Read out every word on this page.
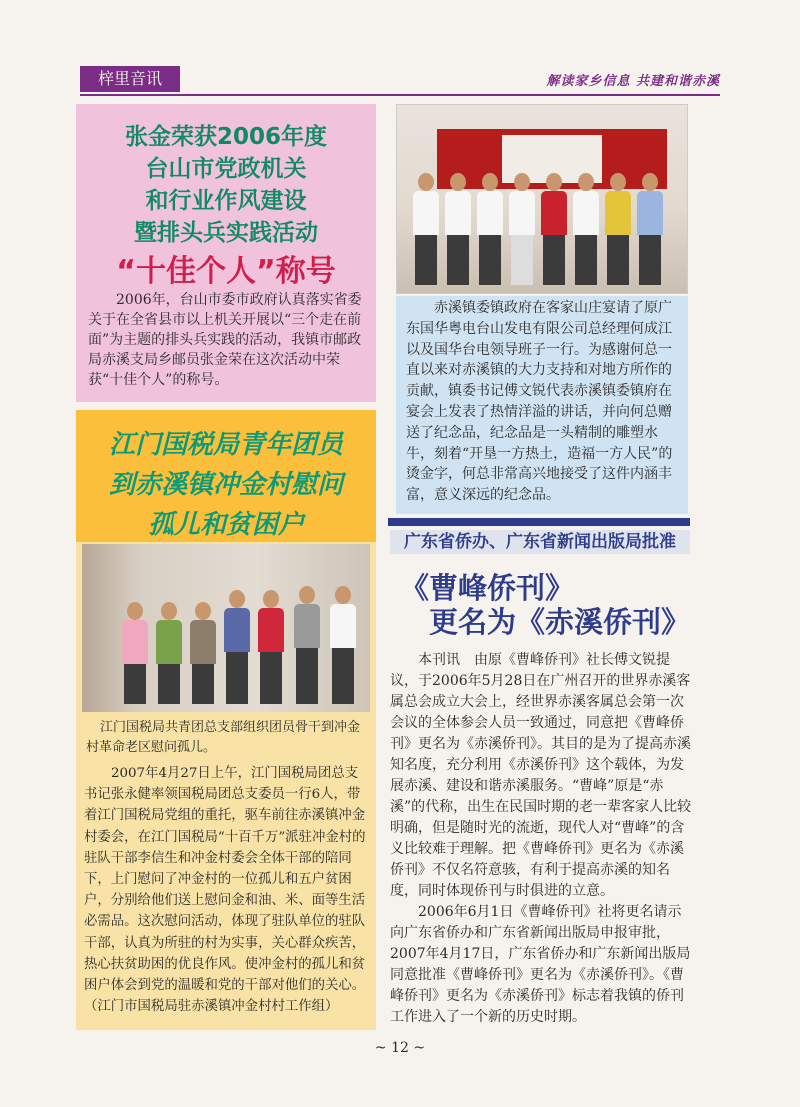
梓里音讯	解读家乡信息 共建和谐赤溪
张金荣获2006年度
台山市党政机关
和行业作风建设
暨排头兵实践活动
“十佳个人”称号
2006年，台山市委市政府认真落实省委关于在全省县市以上机关开展以“三个走在前面”为主题的排头兵实践的活动，我镇市邮政局赤溪支局乡邮员张金荣在这次活动中荣获“十佳个人”的称号。
赤溪镇委镇政府在客家山庄宴请了原广东国华粤电台山发电有限公司总经理何成江以及国华台电领导班子一行。为感谢何总一直以来对赤溪镇的大力支持和对地方所作的贡献，镇委书记傅文锐代表赤溪镇委镇府在宴会上发表了热情洋溢的讲话，并向何总赠送了纪念品，纪念品是一头精制的雕塑水牛，刻着“开垦一方热土，造福一方人民”的烫金字，何总非常高兴地接受了这件内涵丰富，意义深远的纪念品。
江门国税局青年团员
到赤溪镇冲金村慰问
孤儿和贫困户
江门国税局共青团总支部组织团员骨干到冲金村革命老区慰问孤儿。
2007年4月27日上午，江门国税局团总支书记张永健率领国税局团总支委员一行6人，带着江门国税局党组的重托，驱车前往赤溪镇冲金村委会，在江门国税局“十百千万”派驻冲金村的驻队干部李信生和冲金村委会全体干部的陪同下，上门慰问了冲金村的一位孤儿和五户贫困户，分别给他们送上慰问金和油、米、面等生活必需品。这次慰问活动，体现了驻队单位的驻队干部，认真为所驻的村为实事，关心群众疾苦，热心扶贫助困的优良作风。使冲金村的孤儿和贫困户体会到党的温暖和党的干部对他们的关心。（江门市国税局驻赤溪镇冲金村村工作组）
广东省侨办、广东省新闻出版局批准
《曹峰侨刊》
更名为《赤溪侨刊》
本刊讯　由原《曹峰侨刊》社长傅文锐提议，于2006年5月28日在广州召开的世界赤溪客属总会成立大会上，经世界赤溪客属总会第一次会议的全体参会人员一致通过，同意把《曹峰侨刊》更名为《赤溪侨刊》。其目的是为了提高赤溪知名度，充分利用《赤溪侨刊》这个载体，为发展赤溪、建设和谐赤溪服务。“曹峰”原是“赤溪”的代称，出生在民国时期的老一辈客家人比较明确，但是随时光的流逝，现代人对“曹峰”的含义比较难于理解。把《曹峰侨刊》更名为《赤溪侨刊》不仅名符意骇，有利于提高赤溪的知名度，同时体现侨刊与时俱进的立意。
2006年6月1日《曹峰侨刊》社将更名请示向广东省侨办和广东省新闻出版局申报审批，2007年4月17日，广东省侨办和广东新闻出版局同意批准《曹峰侨刊》更名为《赤溪侨刊》。《曹峰侨刊》更名为《赤溪侨刊》标志着我镇的侨刊工作进入了一个新的历史时期。
~ 12 ~
